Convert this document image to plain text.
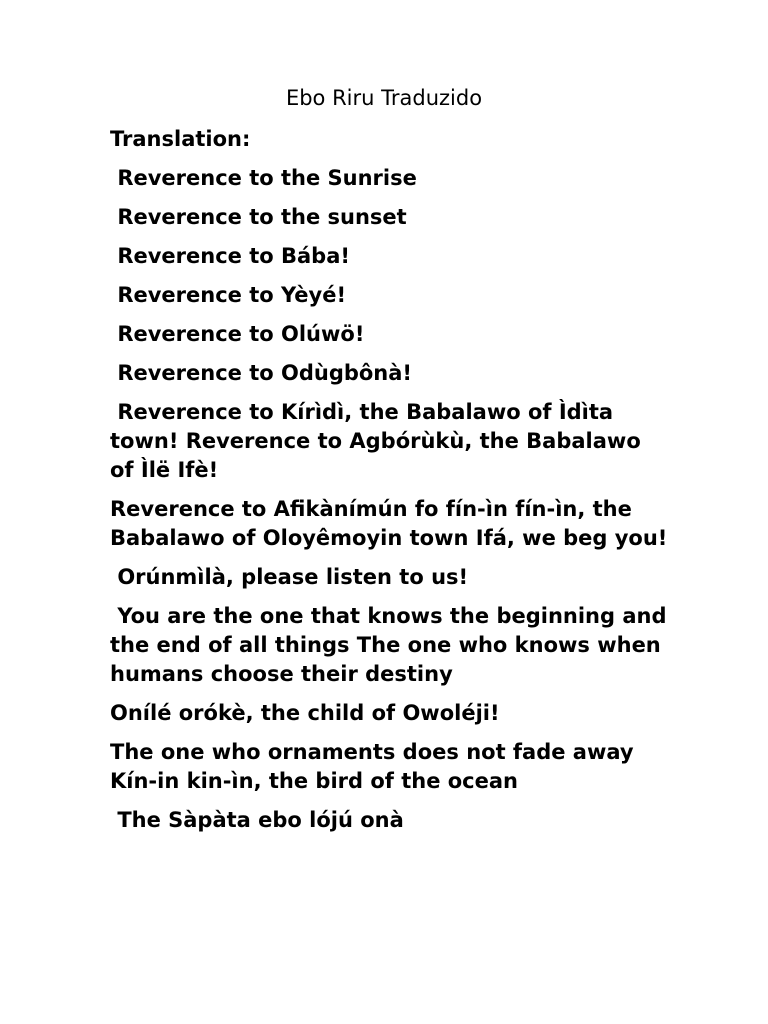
Ebo Riru Traduzido

Translation:

Reverence to the Sunrise

Reverence to the sunset

Reverence to Bába!

Reverence to Yèyé!

Reverence to Olúwö!

Reverence to Odùgbônà!

Reverence to Kírìdì, the Babalawo of Ìdìta town! Reverence to Agbórùkù, the Babalawo of Ìlë Ifè!

Reverence to Afikànímún fo fín-ìn fín-ìn, the Babalawo of Oloyêmoyin town Ifá, we beg you!

Orúnmìlà, please listen to us!

You are the one that knows the beginning and the end of all things The one who knows when humans choose their destiny

Onílé orókè, the child of Owoléji!

The one who ornaments does not fade away Kín-in kin-ìn, the bird of the ocean

The Sàpàta ebo lójú onà
